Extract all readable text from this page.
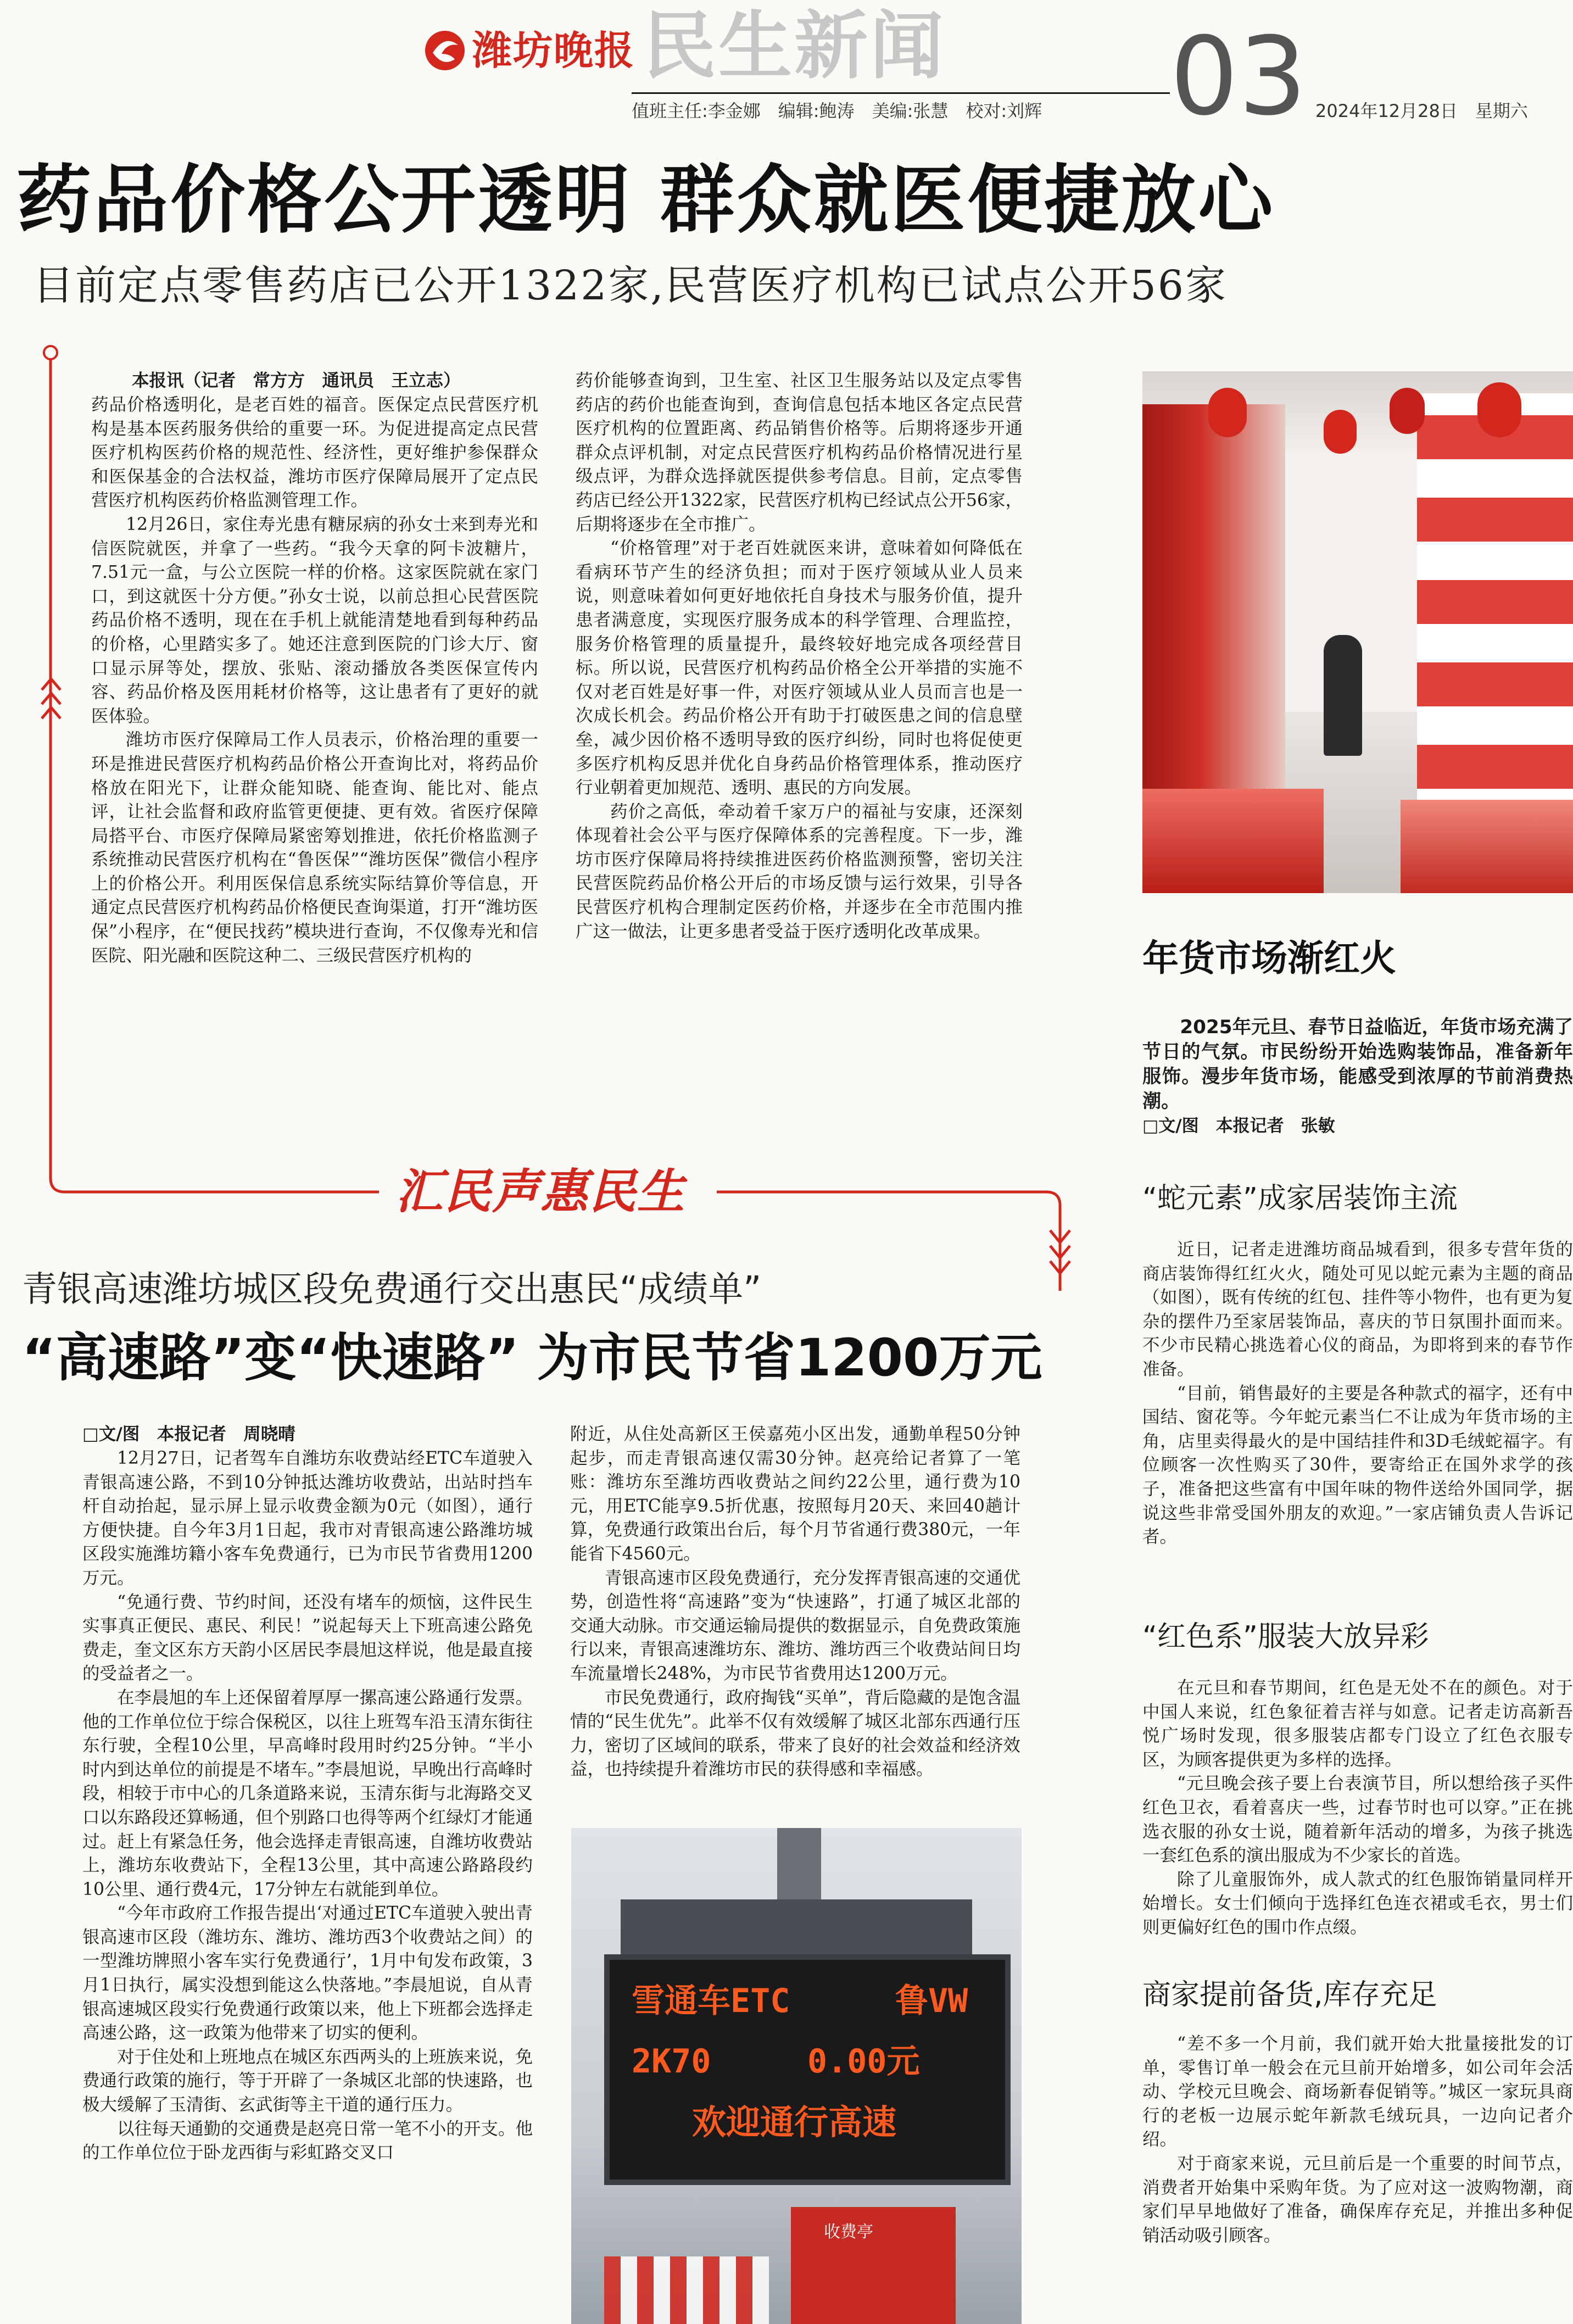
潍坊晚报 民生新闻
值班主任:李金娜　编辑:鲍涛　美编:张慧　校对:刘辉 03 2024年12月28日　星期六
药品价格公开透明 群众就医便捷放心
目前定点零售药店已公开1322家,民营医疗机构已试点公开56家
本报讯（记者　常方方　通讯员　王立志）

药品价格透明化，是老百姓的福音。医保定点民营医疗机构是基本医药服务供给的重要一环。为促进提高定点民营医疗机构医药价格的规范性、经济性，更好维护参保群众和医保基金的合法权益，潍坊市医疗保障局展开了定点民营医疗机构医药价格监测管理工作。

12月26日，家住寿光患有糖尿病的孙女士来到寿光和信医院就医，并拿了一些药。“我今天拿的阿卡波糖片，7.51元一盒，与公立医院一样的价格。这家医院就在家门口，到这就医十分方便。”孙女士说，以前总担心民营医院药品价格不透明，现在在手机上就能清楚地看到每种药品的价格，心里踏实多了。她还注意到医院的门诊大厅、窗口显示屏等处，摆放、张贴、滚动播放各类医保宣传内容、药品价格及医用耗材价格等，这让患者有了更好的就医体验。

潍坊市医疗保障局工作人员表示，价格治理的重要一环是推进民营医疗机构药品价格公开查询比对，将药品价格放在阳光下，让群众能知晓、能查询、能比对、能点评，让社会监督和政府监管更便捷、更有效。省医疗保障局搭平台、市医疗保障局紧密筹划推进，依托价格监测子系统推动民营医疗机构在“鲁医保”“潍坊医保”微信小程序上的价格公开。利用医保信息系统实际结算价等信息，开通定点民营医疗机构药品价格便民查询渠道，打开“潍坊医保”小程序，在“便民找药”模块进行查询，不仅像寿光和信医院、阳光融和医院这种二、三级民营医疗机构的

药价能够查询到，卫生室、社区卫生服务站以及定点零售药店的药价也能查询到，查询信息包括本地区各定点民营医疗机构的位置距离、药品销售价格等。后期将逐步开通群众点评机制，对定点民营医疗机构药品价格情况进行星级点评，为群众选择就医提供参考信息。目前，定点零售药店已经公开1322家，民营医疗机构已经试点公开56家，后期将逐步在全市推广。

“价格管理”对于老百姓就医来讲，意味着如何降低在看病环节产生的经济负担；而对于医疗领域从业人员来说，则意味着如何更好地依托自身技术与服务价值，提升患者满意度，实现医疗服务成本的科学管理、合理监控，服务价格管理的质量提升，最终较好地完成各项经营目标。所以说，民营医疗机构药品价格全公开举措的实施不仅对老百姓是好事一件，对医疗领域从业人员而言也是一次成长机会。药品价格公开有助于打破医患之间的信息壁垒，减少因价格不透明导致的医疗纠纷，同时也将促使更多医疗机构反思并优化自身药品价格管理体系，推动医疗行业朝着更加规范、透明、惠民的方向发展。

药价之高低，牵动着千家万户的福祉与安康，还深刻体现着社会公平与医疗保障体系的完善程度。下一步，潍坊市医疗保障局将持续推进医药价格监测预警，密切关注民营医院药品价格公开后的市场反馈与运行效果，引导各民营医疗机构合理制定医药价格，并逐步在全市范围内推广这一做法，让更多患者受益于医疗透明化改革成果。

汇民声惠民生
青银高速潍坊城区段免费通行交出惠民“成绩单”
“高速路”变“快速路” 为市民节省1200万元
□文/图　本报记者　周晓晴

12月27日，记者驾车自潍坊东收费站经ETC车道驶入青银高速公路，不到10分钟抵达潍坊收费站，出站时挡车杆自动抬起，显示屏上显示收费金额为0元（如图），通行方便快捷。自今年3月1日起，我市对青银高速公路潍坊城区段实施潍坊籍小客车免费通行，已为市民节省费用1200万元。

“免通行费、节约时间，还没有堵车的烦恼，这件民生实事真正便民、惠民、利民！”说起每天上下班高速公路免费走，奎文区东方天韵小区居民李晨旭这样说，他是最直接的受益者之一。

在李晨旭的车上还保留着厚厚一摞高速公路通行发票。他的工作单位位于综合保税区，以往上班驾车沿玉清东街往东行驶，全程10公里，早高峰时段用时约25分钟。“半小时内到达单位的前提是不堵车。”李晨旭说，早晚出行高峰时段，相较于市中心的几条道路来说，玉清东街与北海路交叉口以东路段还算畅通，但个别路口也得等两个红绿灯才能通过。赶上有紧急任务，他会选择走青银高速，自潍坊收费站上，潍坊东收费站下，全程13公里，其中高速公路路段约10公里、通行费4元，17分钟左右就能到单位。

“今年市政府工作报告提出‘对通过ETC车道驶入驶出青银高速市区段（潍坊东、潍坊、潍坊西3个收费站之间）的一型潍坊牌照小客车实行免费通行’，1月中旬发布政策，3月1日执行，属实没想到能这么快落地。”李晨旭说，自从青银高速城区段实行免费通行政策以来，他上下班都会选择走高速公路，这一政策为他带来了切实的便利。

对于住处和上班地点在城区东西两头的上班族来说，免费通行政策的施行，等于开辟了一条城区北部的快速路，也极大缓解了玉清街、玄武街等主干道的通行压力。

以往每天通勤的交通费是赵亮日常一笔不小的开支。他的工作单位位于卧龙西街与彩虹路交叉口

附近，从住处高新区王侯嘉苑小区出发，通勤单程50分钟起步，而走青银高速仅需30分钟。赵亮给记者算了一笔账：潍坊东至潍坊西收费站之间约22公里，通行费为10元，用ETC能享9.5折优惠，按照每月20天、来回40趟计算，免费通行政策出台后，每个月节省通行费380元，一年能省下4560元。

青银高速市区段免费通行，充分发挥青银高速的交通优势，创造性将“高速路”变为“快速路”，打通了城区北部的交通大动脉。市交通运输局提供的数据显示，自免费政策施行以来，青银高速潍坊东、潍坊、潍坊西三个收费站间日均车流量增长248%，为市民节省费用达1200万元。

市民免费通行，政府掏钱“买单”，背后隐藏的是饱含温情的“民生优先”。此举不仅有效缓解了城区北部东西通行压力，密切了区域间的联系，带来了良好的社会效益和经济效益，也持续提升着潍坊市民的获得感和幸福感。

雪通车ETC	鲁VW
2K70	0.00元
欢迎通行高速
收费亭
年货市场渐红火
2025年元旦、春节日益临近，年货市场充满了节日的气氛。市民纷纷开始选购装饰品，准备新年服饰。漫步年货市场，能感受到浓厚的节前消费热潮。
□文/图　本报记者　张敏
“蛇元素”成家居装饰主流

近日，记者走进潍坊商品城看到，很多专营年货的商店装饰得红红火火，随处可见以蛇元素为主题的商品（如图），既有传统的红包、挂件等小物件，也有更为复杂的摆件乃至家居装饰品，喜庆的节日氛围扑面而来。不少市民精心挑选着心仪的商品，为即将到来的春节作准备。

“目前，销售最好的主要是各种款式的福字，还有中国结、窗花等。今年蛇元素当仁不让成为年货市场的主角，店里卖得最火的是中国结挂件和3D毛绒蛇福字。有位顾客一次性购买了30件，要寄给正在国外求学的孩子，准备把这些富有中国年味的物件送给外国同学，据说这些非常受国外朋友的欢迎。”一家店铺负责人告诉记者。

“红色系”服装大放异彩

在元旦和春节期间，红色是无处不在的颜色。对于中国人来说，红色象征着吉祥与如意。记者走访高新吾悦广场时发现，很多服装店都专门设立了红色衣服专区，为顾客提供更为多样的选择。

“元旦晚会孩子要上台表演节目，所以想给孩子买件红色卫衣，看着喜庆一些，过春节时也可以穿。”正在挑选衣服的孙女士说，随着新年活动的增多，为孩子挑选一套红色系的演出服成为不少家长的首选。

除了儿童服饰外，成人款式的红色服饰销量同样开始增长。女士们倾向于选择红色连衣裙或毛衣，男士们则更偏好红色的围巾作点缀。

商家提前备货,库存充足

“差不多一个月前，我们就开始大批量接批发的订单，零售订单一般会在元旦前开始增多，如公司年会活动、学校元旦晚会、商场新春促销等。”城区一家玩具商行的老板一边展示蛇年新款毛绒玩具，一边向记者介绍。

对于商家来说，元旦前后是一个重要的时间节点，消费者开始集中采购年货。为了应对这一波购物潮，商家们早早地做好了准备，确保库存充足，并推出多种促销活动吸引顾客。
